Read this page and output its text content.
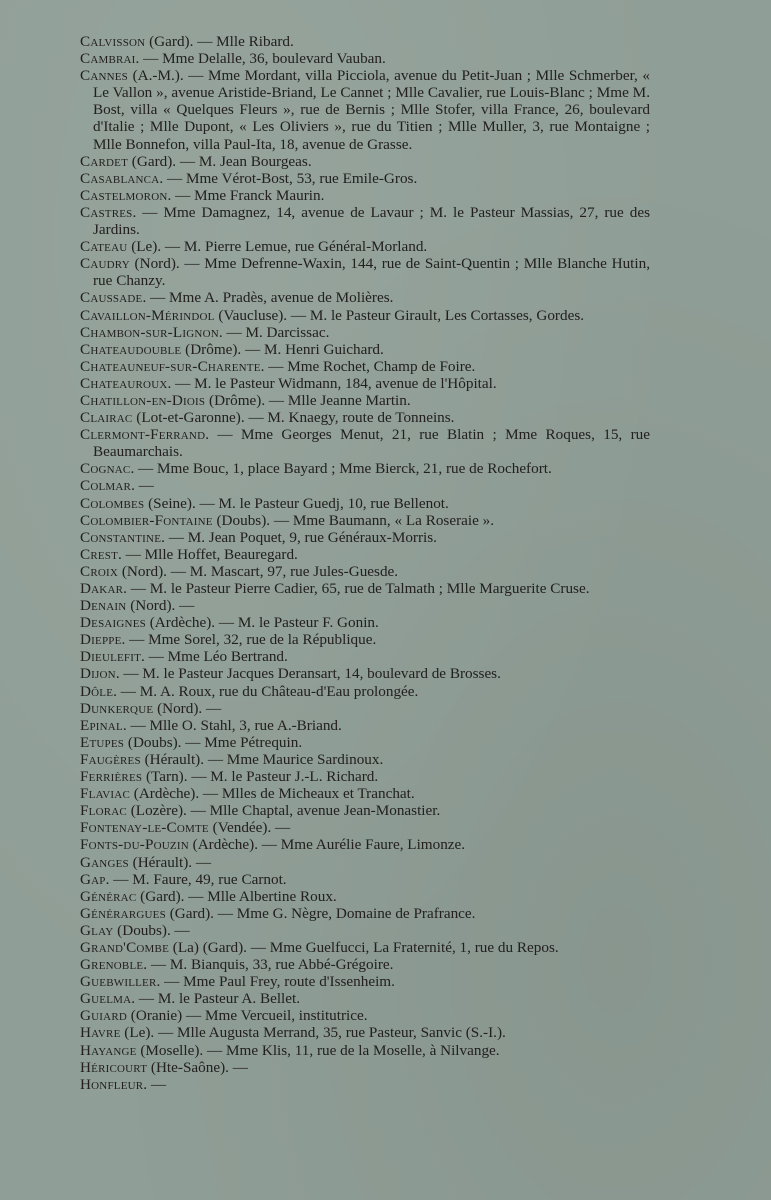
Calvisson (Gard). — Mlle Ribard.
Cambrai. — Mme Delalle, 36, boulevard Vauban.
Cannes (A.-M.). — Mme Mordant, villa Picciola, avenue du Petit-Juan ; Mlle Schmerber, « Le Vallon », avenue Aristide-Briand, Le Cannet ; Mlle Cavalier, rue Louis-Blanc ; Mme M. Bost, villa « Quelques Fleurs », rue de Bernis ; Mlle Stofer, villa France, 26, boulevard d'Italie ; Mlle Dupont, « Les Oliviers », rue du Titien ; Mlle Muller, 3, rue Montaigne ; Mlle Bonnefon, villa Paul-Ita, 18, avenue de Grasse.
Cardet (Gard). — M. Jean Bourgeas.
Casablanca. — Mme Vérot-Bost, 53, rue Emile-Gros.
Castelmoron. — Mme Franck Maurin.
Castres. — Mme Damagnez, 14, avenue de Lavaur ; M. le Pasteur Massias, 27, rue des Jardins.
Cateau (Le). — M. Pierre Lemue, rue Général-Morland.
Caudry (Nord). — Mme Defrenne-Waxin, 144, rue de Saint-Quentin ; Mlle Blanche Hutin, rue Chanzy.
Caussade. — Mme A. Pradès, avenue de Molières.
Cavaillon-Mérindol (Vaucluse). — M. le Pasteur Girault, Les Cortasses, Gordes.
Chambon-sur-Lignon. — M. Darcissac.
Chateaudouble (Drôme). — M. Henri Guichard.
Chateauneuf-sur-Charente. — Mme Rochet, Champ de Foire.
Chateauroux. — M. le Pasteur Widmann, 184, avenue de l'Hôpital.
Chatillon-en-Diois (Drôme). — Mlle Jeanne Martin.
Clairac (Lot-et-Garonne). — M. Knaegy, route de Tonneins.
Clermont-Ferrand. — Mme Georges Menut, 21, rue Blatin ; Mme Roques, 15, rue Beaumarchais.
Cognac. — Mme Bouc, 1, place Bayard ; Mme Bierck, 21, rue de Rochefort.
Colmar. —
Colombes (Seine). — M. le Pasteur Guedj, 10, rue Bellenot.
Colombier-Fontaine (Doubs). — Mme Baumann, « La Roseraie ».
Constantine. — M. Jean Poquet, 9, rue Généraux-Morris.
Crest. — Mlle Hoffet, Beauregard.
Croix (Nord). — M. Mascart, 97, rue Jules-Guesde.
Dakar. — M. le Pasteur Pierre Cadier, 65, rue de Talmath ; Mlle Marguerite Cruse.
Denain (Nord). —
Desaignes (Ardèche). — M. le Pasteur F. Gonin.
Dieppe. — Mme Sorel, 32, rue de la République.
Dieulefit. — Mme Léo Bertrand.
Dijon. — M. le Pasteur Jacques Deransart, 14, boulevard de Brosses.
Dôle. — M. A. Roux, rue du Château-d'Eau prolongée.
Dunkerque (Nord). —
Epinal. — Mlle O. Stahl, 3, rue A.-Briand.
Etupes (Doubs). — Mme Pétrequin.
Faugères (Hérault). — Mme Maurice Sardinoux.
Ferrières (Tarn). — M. le Pasteur J.-L. Richard.
Flaviac (Ardèche). — Mlles de Micheaux et Tranchat.
Florac (Lozère). — Mlle Chaptal, avenue Jean-Monastier.
Fontenay-le-Comte (Vendée). —
Fonts-du-Pouzin (Ardèche). — Mme Aurélie Faure, Limonze.
Ganges (Hérault). —
Gap. — M. Faure, 49, rue Carnot.
Générac (Gard). — Mlle Albertine Roux.
Générargues (Gard). — Mme G. Nègre, Domaine de Prafrance.
Glay (Doubs). —
Grand'Combe (La) (Gard). — Mme Guelfucci, La Fraternité, 1, rue du Repos.
Grenoble. — M. Bianquis, 33, rue Abbé-Grégoire.
Guebwiller. — Mme Paul Frey, route d'Issenheim.
Guelma. — M. le Pasteur A. Bellet.
Guiard (Oranie) — Mme Vercueil, institutrice.
Havre (Le). — Mlle Augusta Merrand, 35, rue Pasteur, Sanvic (S.-I.).
Hayange (Moselle). — Mme Klis, 11, rue de la Moselle, à Nilvange.
Héricourt (Hte-Saône). —
Honfleur. —
